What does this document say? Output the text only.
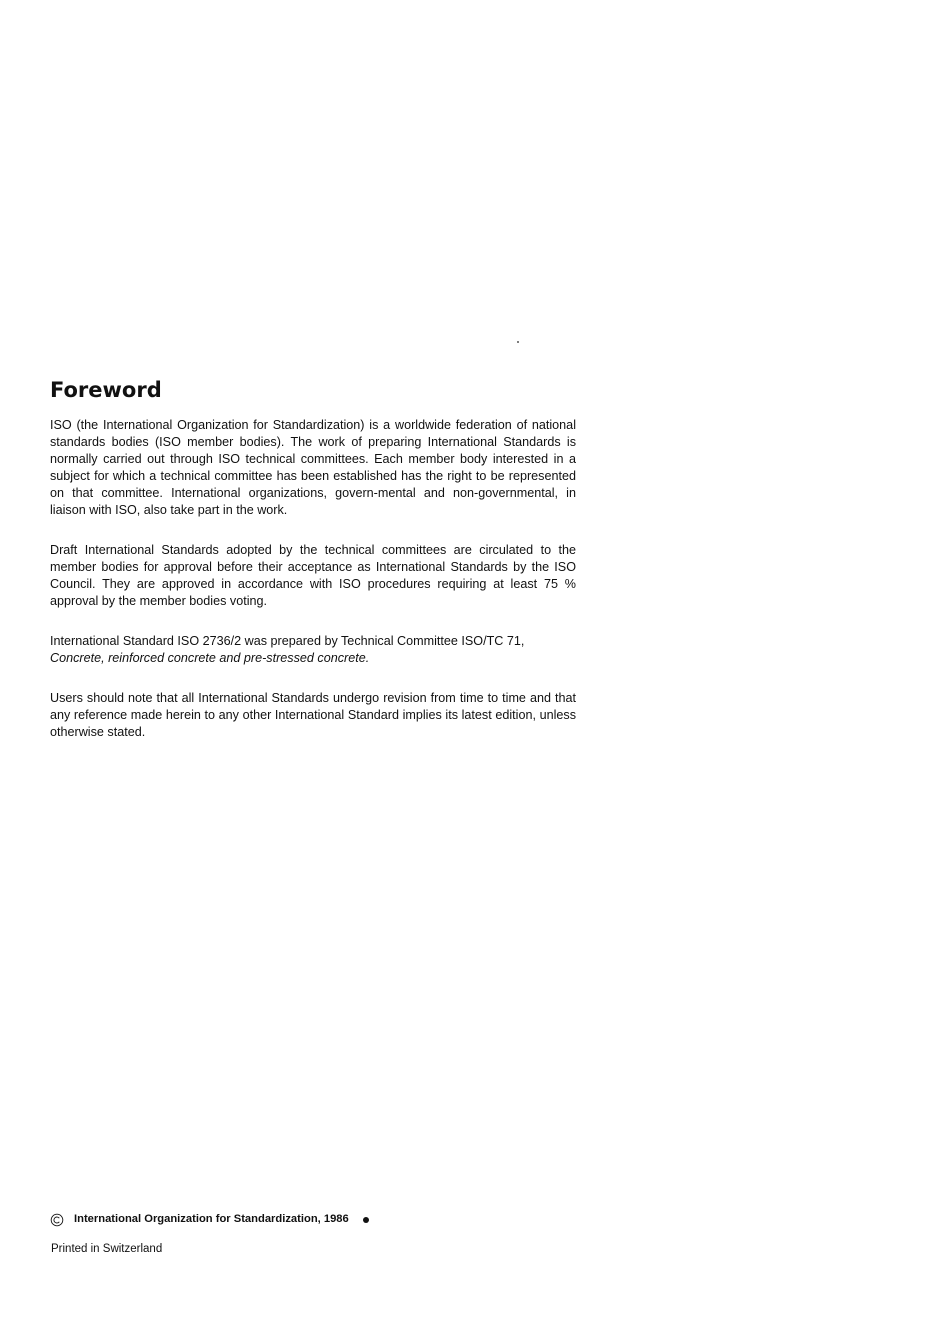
Foreword

ISO (the International Organization for Standardization) is a worldwide federation of national standards bodies (ISO member bodies). The work of preparing International Standards is normally carried out through ISO technical committees. Each member body interested in a subject for which a technical committee has been established has the right to be represented on that committee. International organizations, govern-mental and non-governmental, in liaison with ISO, also take part in the work.

Draft International Standards adopted by the technical committees are circulated to the member bodies for approval before their acceptance as International Standards by the ISO Council. They are approved in accordance with ISO procedures requiring at least 75 % approval by the member bodies voting.

International Standard ISO 2736/2 was prepared by Technical Committee ISO/TC 71,
Concrete, reinforced concrete and pre-stressed concrete.

Users should note that all International Standards undergo revision from time to time and that any reference made herein to any other International Standard implies its latest edition, unless otherwise stated.

International Organization for Standardization, 1986
Printed in Switzerland
